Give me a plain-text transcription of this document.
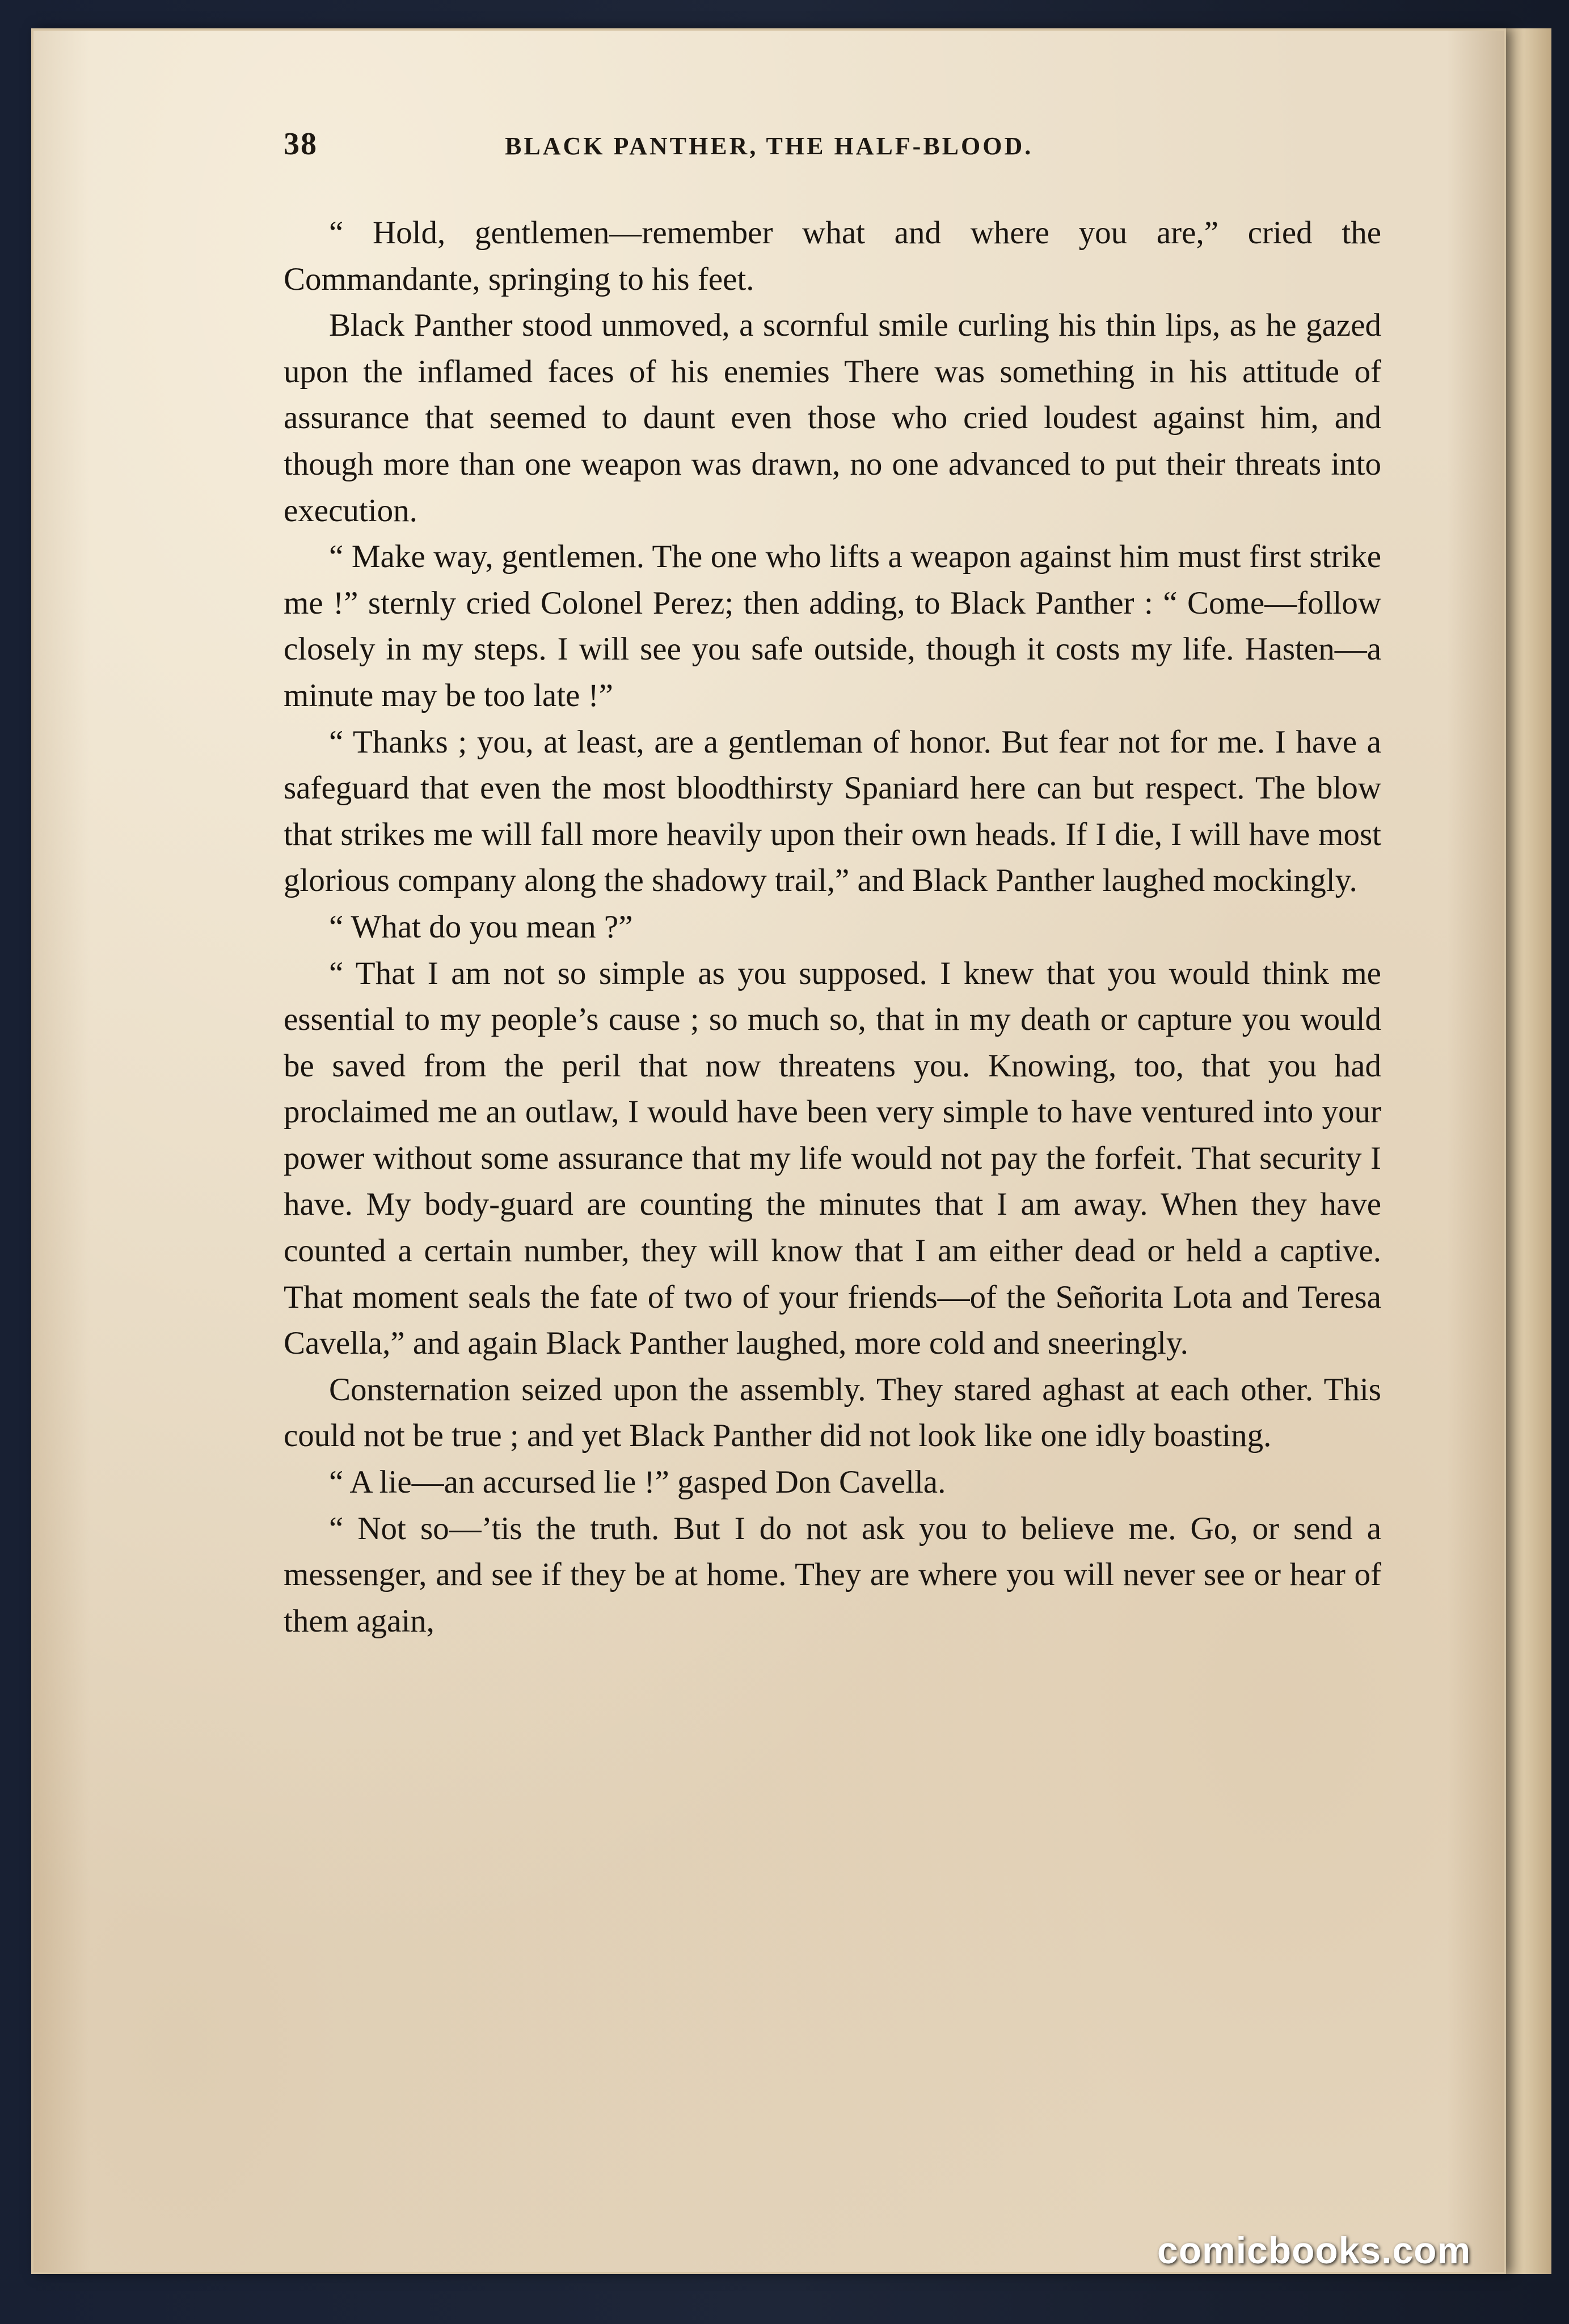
38	BLACK PANTHER, THE HALF-BLOOD.

“ Hold, gentlemen—remember what and where you are,” cried the Commandante, springing to his feet.

Black Panther stood unmoved, a scornful smile curling his thin lips, as he gazed upon the inflamed faces of his enemies There was something in his attitude of assurance that seemed to daunt even those who cried loudest against him, and though more than one weapon was drawn, no one advanced to put their threats into execution.

“ Make way, gentlemen. The one who lifts a weapon against him must first strike me !” sternly cried Colonel Perez; then adding, to Black Panther : “ Come—follow closely in my steps. I will see you safe outside, though it costs my life. Hasten—a minute may be too late !”

“ Thanks ; you, at least, are a gentleman of honor. But fear not for me. I have a safeguard that even the most bloodthirsty Spaniard here can but respect. The blow that strikes me will fall more heavily upon their own heads. If I die, I will have most glorious company along the shadowy trail,” and Black Panther laughed mockingly.

“ What do you mean ?”

“ That I am not so simple as you supposed. I knew that you would think me essential to my people’s cause ; so much so, that in my death or capture you would be saved from the peril that now threatens you. Knowing, too, that you had proclaimed me an outlaw, I would have been very simple to have ventured into your power without some assurance that my life would not pay the forfeit. That security I have. My body-guard are counting the minutes that I am away. When they have counted a certain number, they will know that I am either dead or held a captive. That moment seals the fate of two of your friends—of the Señorita Lota and Teresa Cavella,” and again Black Panther laughed, more cold and sneeringly.

Consternation seized upon the assembly. They stared aghast at each other. This could not be true ; and yet Black Panther did not look like one idly boasting.

“ A lie—an accursed lie !” gasped Don Cavella.

“ Not so—’tis the truth. But I do not ask you to believe me. Go, or send a messenger, and see if they be at home. They are where you will never see or hear of them again,

comicbooks.com
